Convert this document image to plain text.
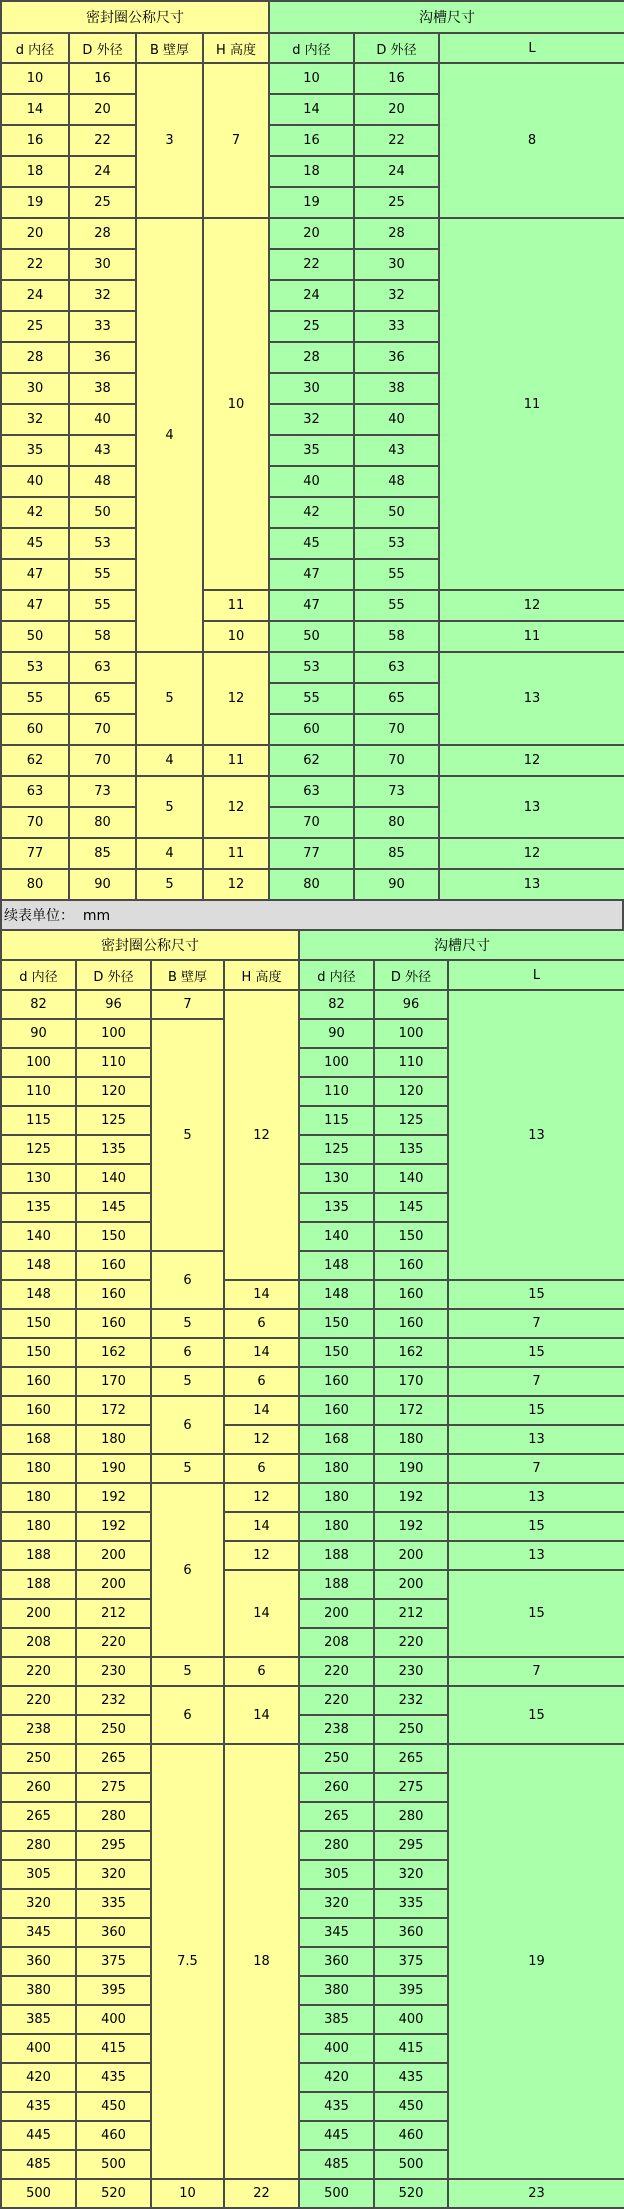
密封圈公称尺寸				沟槽尺寸		
d 内径	D 外径	B 壁厚	H 高度	d 内径	D 外径	L
10	16	3	7	10	16	8
14	20			14	20	
16	22			16	22	
18	24			18	24	
19	25			19	25	
20	28	4	10	20	28	11
22	30			22	30	
24	32			24	32	
25	33			25	33	
28	36			28	36	
30	38			30	38	
32	40			32	40	
35	43			35	43	
40	48			40	48	
42	50			42	50	
45	53			45	53	
47	55			47	55	
47	55		11	47	55	12
50	58		10	50	58	11
53	63	5	12	53	63	13
55	65			55	65	
60	70			60	70	
62	70	4	11	62	70	12
63	73	5	12	63	73	13
70	80			70	80	
77	85	4	11	77	85	12
80	90	5	12	80	90	13
续表单位：  mm
密封圈公称尺寸				沟槽尺寸		
d 内径	D 外径	B 壁厚	H 高度	d 内径	D 外径	L
82	96	7	12	82	96	13
90	100	5		90	100	
100	110			100	110	
110	120			110	120	
115	125			115	125	
125	135			125	135	
130	140			130	140	
135	145			135	145	
140	150			140	150	
148	160	6		148	160	
148	160		14	148	160	15
150	160	5	6	150	160	7
150	162	6	14	150	162	15
160	170	5	6	160	170	7
160	172	6	14	160	172	15
168	180		12	168	180	13
180	190	5	6	180	190	7
180	192	6	12	180	192	13
180	192		14	180	192	15
188	200		12	188	200	13
188	200		14	188	200	15
200	212			200	212	
208	220			208	220	
220	230	5	6	220	230	7
220	232	6	14	220	232	15
238	250			238	250	
250	265	7.5	18	250	265	19
260	275			260	275	
265	280			265	280	
280	295			280	295	
305	320			305	320	
320	335			320	335	
345	360			345	360	
360	375			360	375	
380	395			380	395	
385	400			385	400	
400	415			400	415	
420	435			420	435	
435	450			435	450	
445	460			445	460	
485	500			485	500	
500	520	10	22	500	520	23
